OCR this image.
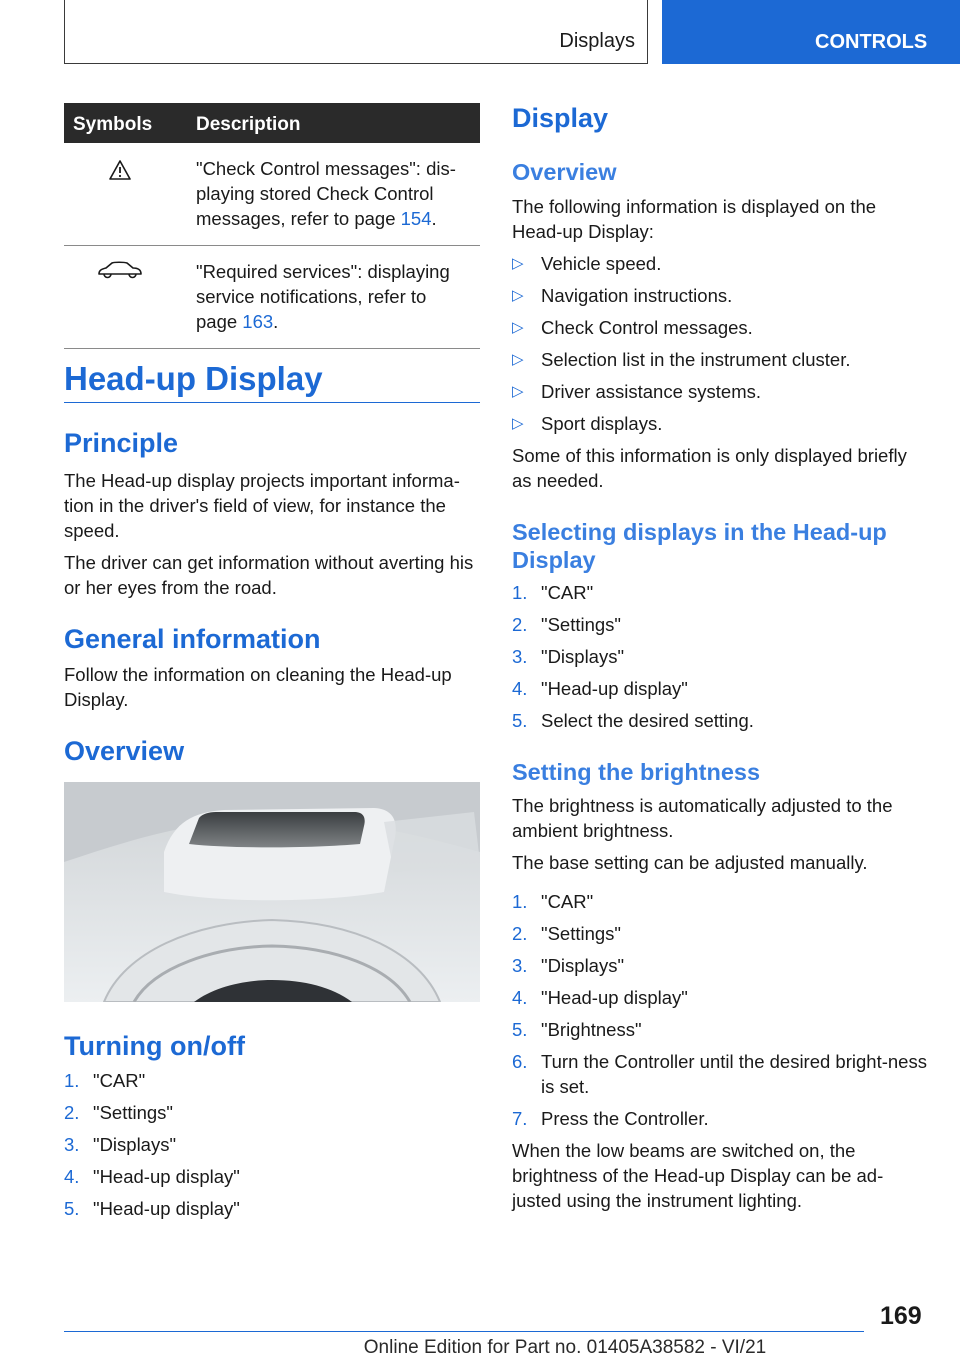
Displays	CONTROLS
Symbols Description
"Check Control messages": dis-
playing stored Check Control
messages, refer to page 154.
"Required services": displaying
service notifications, refer to
page 163.
Head-up Display
Principle

The Head-up display projects important informa-tion in the driver's field of view, for instance the speed.

The driver can get information without averting his or her eyes from the road.

General information

Follow the information on cleaning the Head-up Display.

Overview
Turning on/off
1. "CAR"
2. "Settings"
3. "Displays"
4. "Head-up display"
5. "Head-up display"
Display
Overview

The following information is displayed on the Head-up Display:

▷ Vehicle speed.
▷ Navigation instructions.
▷ Check Control messages.
▷ Selection list in the instrument cluster.
▷ Driver assistance systems.
▷ Sport displays.

Some of this information is only displayed briefly as needed.

Selecting displays in the Head-up Display
1. "CAR"
2. "Settings"
3. "Displays"
4. "Head-up display"
5. Select the desired setting.
Setting the brightness

The brightness is automatically adjusted to the ambient brightness.

The base setting can be adjusted manually.

1. "CAR"
2. "Settings"
3. "Displays"
4. "Head-up display"
5. "Brightness"
6. Turn the Controller until the desired bright-ness is set.
7. Press the Controller.

When the low beams are switched on, the brightness of the Head-up Display can be ad-justed using the instrument lighting.

169
Online Edition for Part no. 01405A38582 - VI/21
